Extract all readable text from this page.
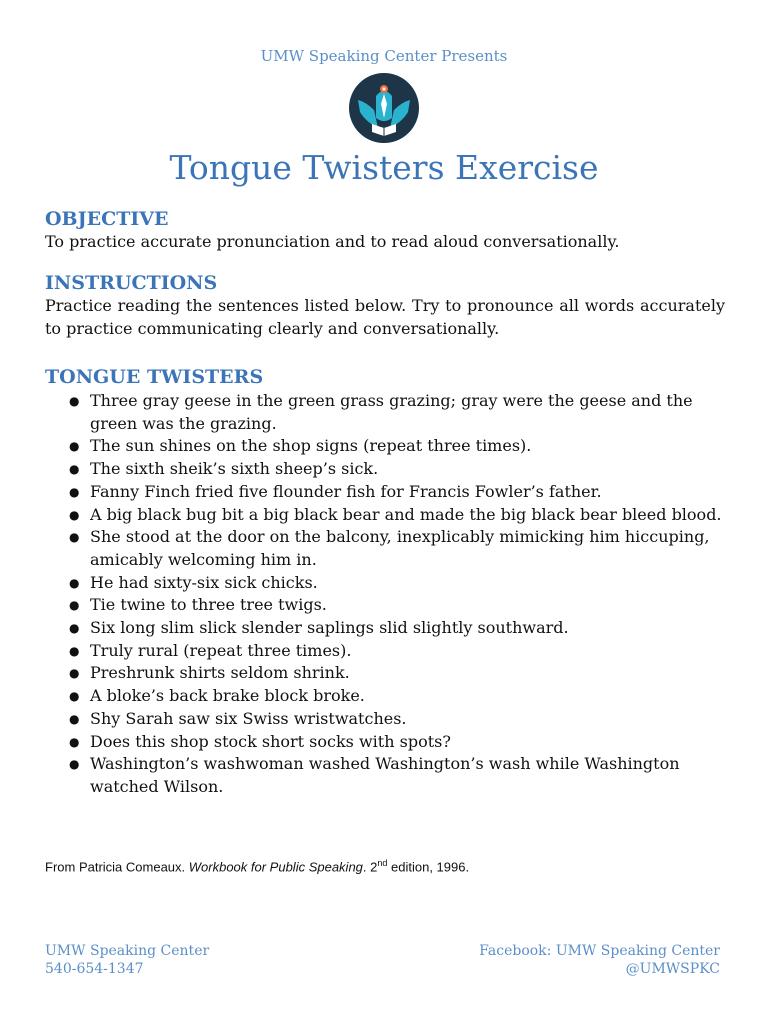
UMW Speaking Center Presents
Tongue Twisters Exercise
OBJECTIVE

To practice accurate pronunciation and to read aloud conversationally.

INSTRUCTIONS

Practice reading the sentences listed below. Try to pronounce all words accurately to practice communicating clearly and conversationally.

TONGUE TWISTERS
● Three gray geese in the green grass grazing; gray were the geese and the green was the grazing.
● The sun shines on the shop signs (repeat three times).
● The sixth sheik’s sixth sheep’s sick.
● Fanny Finch fried five flounder fish for Francis Fowler’s father.
● A big black bug bit a big black bear and made the big black bear bleed blood.
● She stood at the door on the balcony, inexplicably mimicking him hiccuping, amicably welcoming him in.
● He had sixty-six sick chicks.
● Tie twine to three tree twigs.
● Six long slim slick slender saplings slid slightly southward.
● Truly rural (repeat three times).
● Preshrunk shirts seldom shrink.
● A bloke’s back brake block broke.
● Shy Sarah saw six Swiss wristwatches.
● Does this shop stock short socks with spots?
● Washington’s washwoman washed Washington’s wash while Washington watched Wilson.
From Patricia Comeaux. Workbook for Public Speaking. 2nd edition, 1996.
UMW Speaking Center
540-654-1347
Facebook: UMW Speaking Center
@UMWSPKC
